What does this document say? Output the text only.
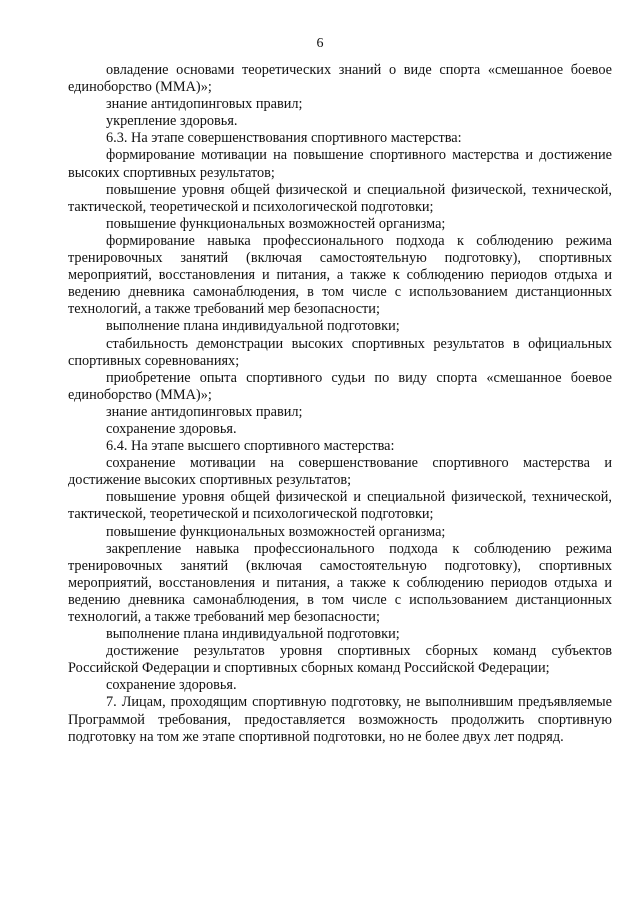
6

овладение основами теоретических знаний о виде спорта «смешанное боевое единоборство (ММА)»;

знание антидопинговых правил;

укрепление здоровья.

6.3. На этапе совершенствования спортивного мастерства:

формирование мотивации на повышение спортивного мастерства и достижение высоких спортивных результатов;

повышение уровня общей физической и специальной физической, технической, тактической, теоретической и психологической подготовки;

повышение функциональных возможностей организма;

формирование навыка профессионального подхода к соблюдению режима тренировочных занятий (включая самостоятельную подготовку), спортивных мероприятий, восстановления и питания, а также к соблюдению периодов отдыха и ведению дневника самонаблюдения, в том числе с использованием дистанционных технологий, а также требований мер безопасности;

выполнение плана индивидуальной подготовки;

стабильность демонстрации высоких спортивных результатов в официальных спортивных соревнованиях;

приобретение опыта спортивного судьи по виду спорта «смешанное боевое единоборство (ММА)»;

знание антидопинговых правил;

сохранение здоровья.

6.4. На этапе высшего спортивного мастерства:

сохранение мотивации на совершенствование спортивного мастерства и достижение высоких спортивных результатов;

повышение уровня общей физической и специальной физической, технической, тактической, теоретической и психологической подготовки;

повышение функциональных возможностей организма;

закрепление навыка профессионального подхода к соблюдению режима тренировочных занятий (включая самостоятельную подготовку), спортивных мероприятий, восстановления и питания, а также к соблюдению периодов отдыха и ведению дневника самонаблюдения, в том числе с использованием дистанционных технологий, а также требований мер безопасности;

выполнение плана индивидуальной подготовки;

достижение результатов уровня спортивных сборных команд субъектов Российской Федерации и спортивных сборных команд Российской Федерации;

сохранение здоровья.

7. Лицам, проходящим спортивную подготовку, не выполнившим предъявляемые Программой требования, предоставляется возможность продолжить спортивную подготовку на том же этапе спортивной подготовки, но не более двух лет подряд.
